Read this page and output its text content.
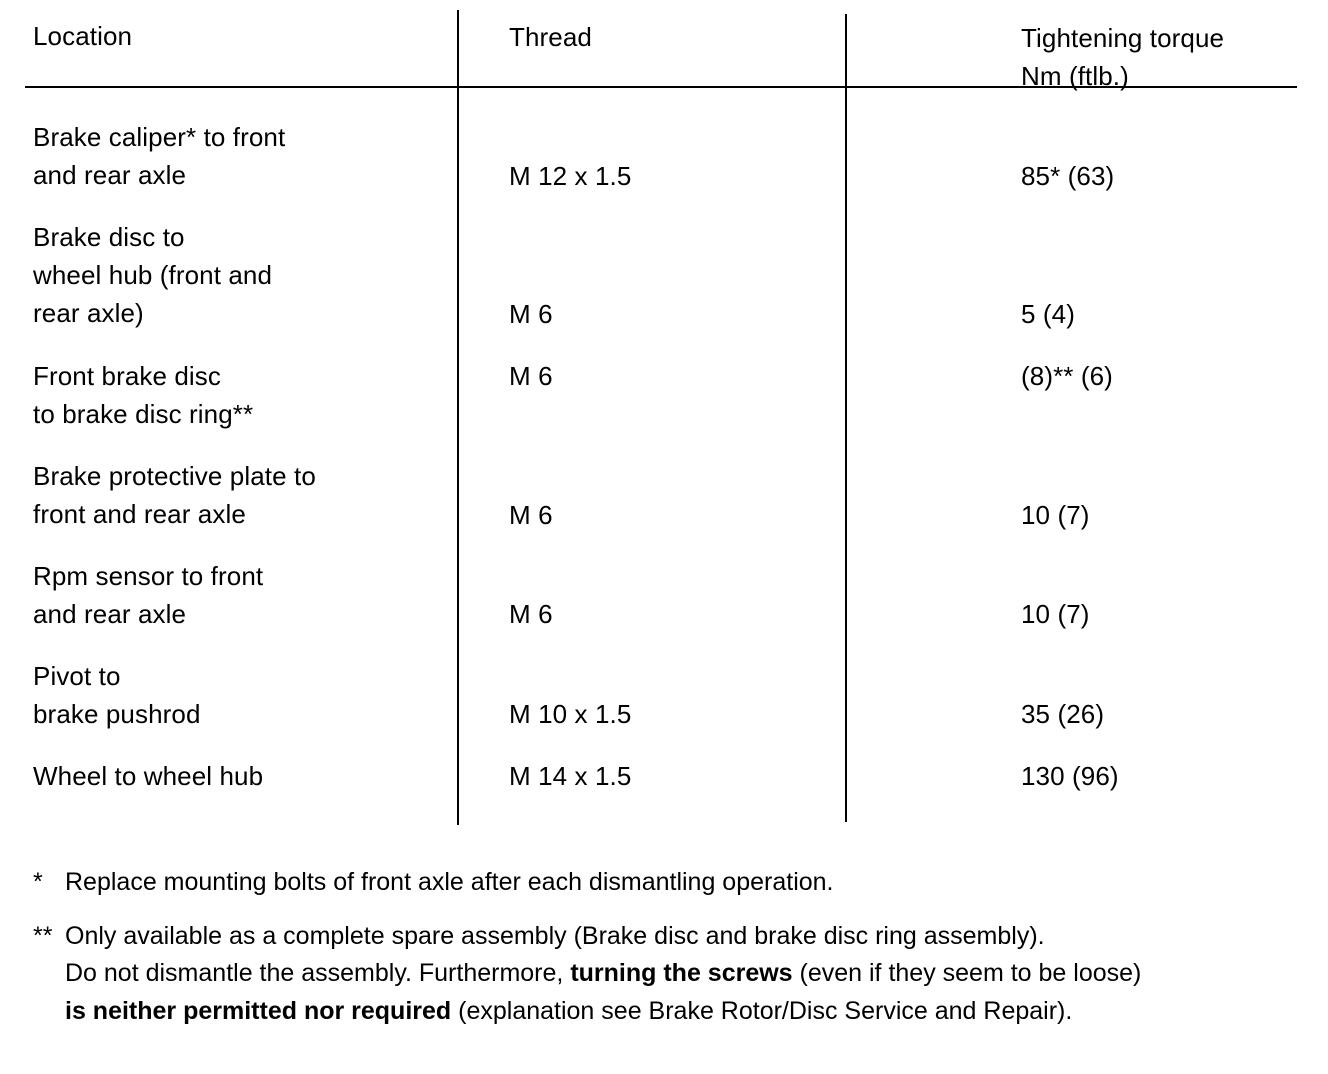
Location	Thread	Tightening torque
Nm (ftlb.)
Brake caliper* to front
and rear axle	M 12 x 1.5	85* (63)
Brake disc to
wheel hub (front and
rear axle)	M 6	5 (4)
Front brake disc
to brake disc ring**
M 6	(8)** (6)
Brake protective plate to
front and rear axle	M 6	10 (7)
Rpm sensor to front
and rear axle	M 6	10 (7)
Pivot to
brake pushrod	M 10 x 1.5	35 (26)
Wheel to wheel hub	M 14 x 1.5	130 (96)
* Replace mounting bolts of front axle after each dismantling operation.
** Only available as a complete spare assembly (Brake disc and brake disc ring assembly).
Do not dismantle the assembly. Furthermore, turning the screws (even if they seem to be loose)
is neither permitted nor required (explanation see Brake Rotor/Disc Service and Repair).
